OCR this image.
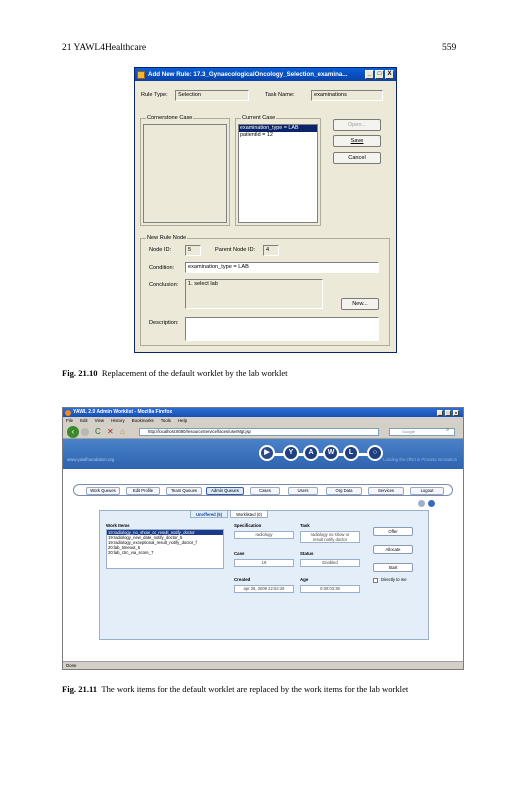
21 YAWL4Healthcare	559
Add New Rule: 17.3_GynaecologicalOncology_Selection_examina...	_	□	X
Rule Type:	Selection	Task Name:	examinations
Cornerstone Case	Current Case
examination_type = LAB
patientId = 12
Open...
Save
Cancel
New Rule Node
Node ID:	5	Parent Node ID:	4
Condition:	examination_type = LAB
Conclusion:	1. select lab
New...
Description:
Fig. 21.10 Replacement of the default worklet by the lab worklet
YAWL 2.0 Admin Worklist - Mozilla Firefox	_	□	x
File Edit View History Bookmarks Tools Help
‹	C ✕ ⌂	http://localhost:8080/resourceService/faces/userMgt.jsp	Google	⌕
▶	Y	A	W	L	○
www.yawlfoundation.org	Leading the effort in Process Innovation
Work Queues	Edit Profile	Team Queues	Admin Queues	Cases	Users	Org Data	Services	Logout
Unoffered (5)	Worklisted (0)
Work Items
19:radiology_no_show_or_result_notify_doctor
19:radiology_new_date_notify_doctor_5
19:radiology_exceptional_result_notify_doctor_f
20:lab_timeout_6
20:lab_ctrc_via_score_7
Specification
radiology
Task
radiology no show or
result notify doctor
Case
19
Status
Enabled
Created
apr 28, 2009 22:54:29
Age
0:00:03:36
Offer
Allocate
Start
Directly to me
Done
Fig. 21.11 The work items for the default worklet are replaced by the work items for the lab worklet
